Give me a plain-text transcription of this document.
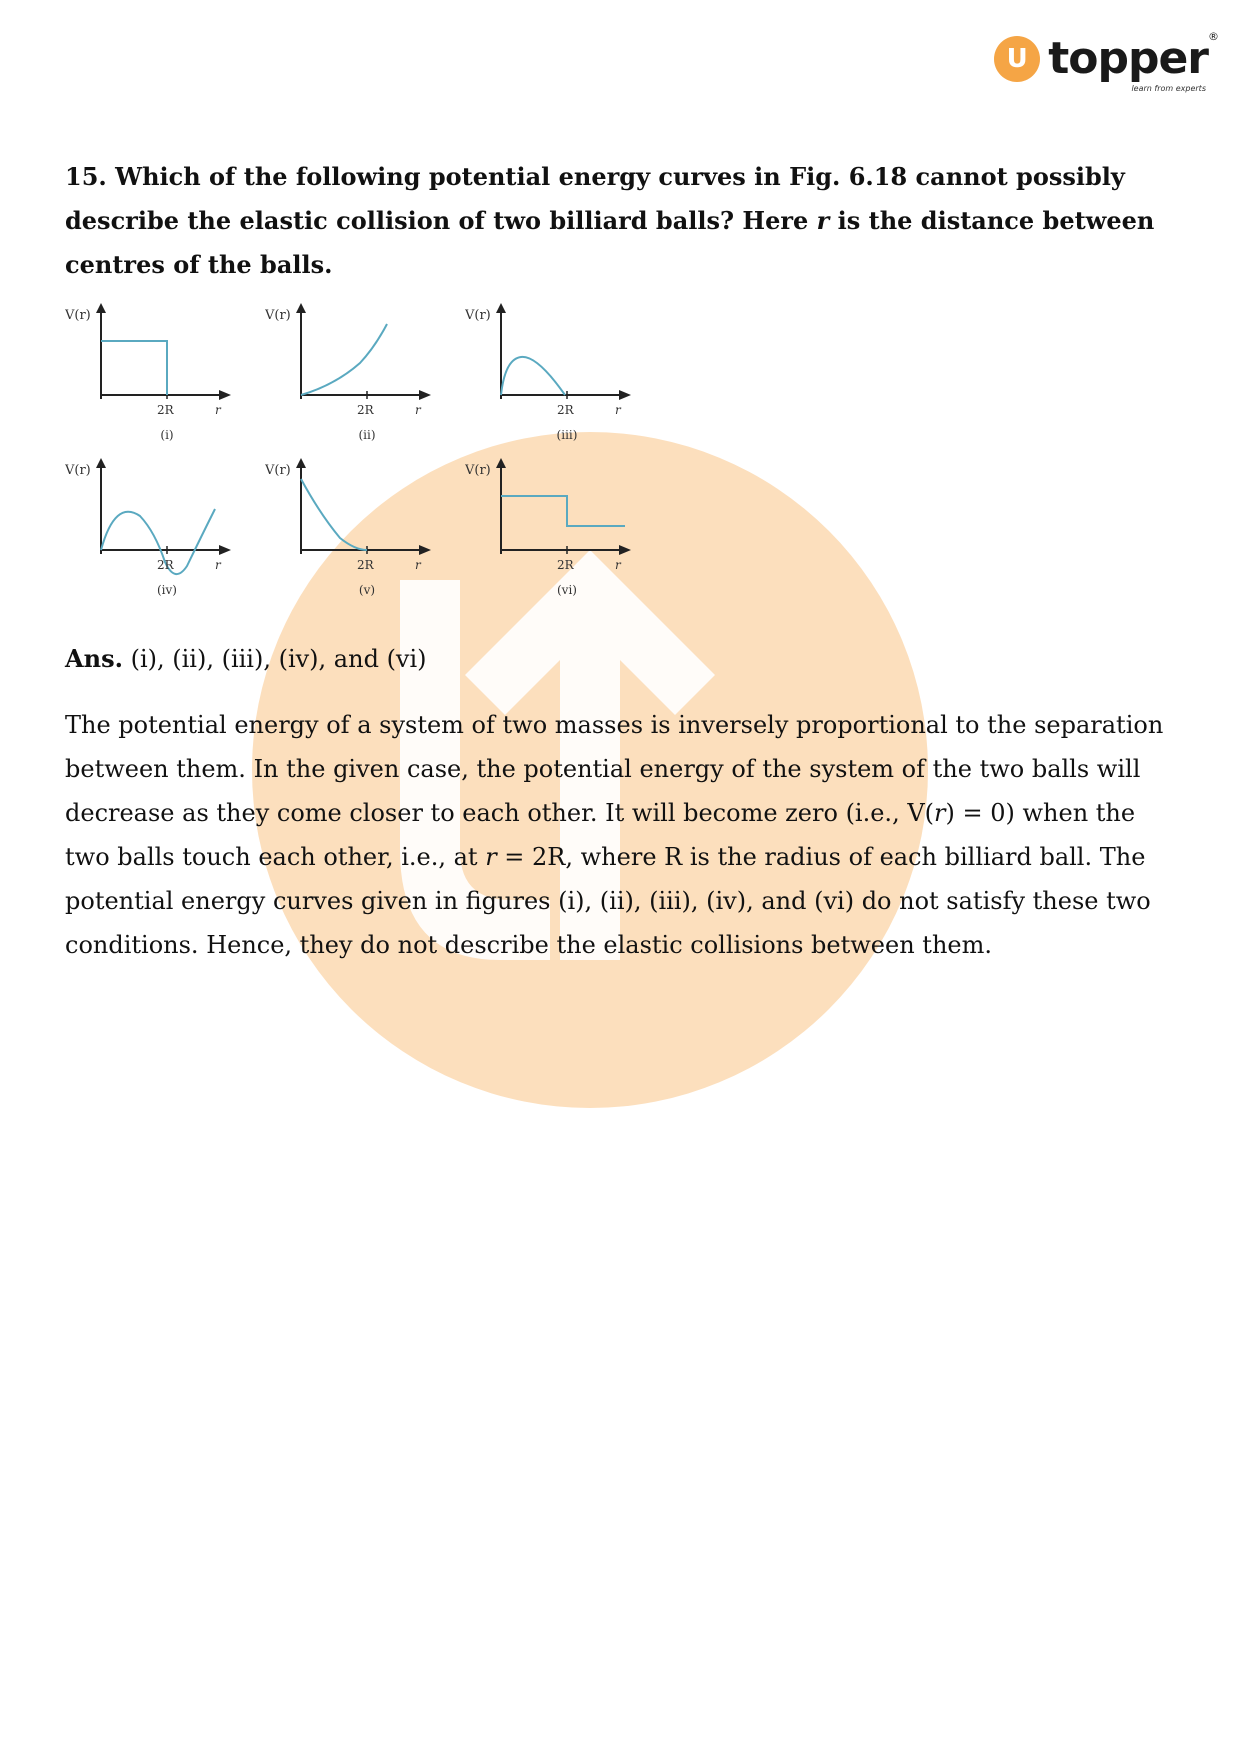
U topper ®
learn from experts

15. Which of the following potential energy curves in Fig. 6.18 cannot possibly describe the elastic collision of two billiard balls? Here r is the distance between centres of the balls.

V(r)
2R	r
(i)
V(r)
2R	r
(ii)
V(r)
2R	r
(iii)
V(r)
2R	r
(iv)
V(r)
2R	r
(v)
V(r)
2R	r
(vi)

Ans. (i), (ii), (iii), (iv), and (vi)

The potential energy of a system of two masses is inversely proportional to the separation between them. In the given case, the potential energy of the system of the two balls will decrease as they come closer to each other. It will become zero (i.e., V(r) = 0) when the two balls touch each other, i.e., at r = 2R, where R is the radius of each billiard ball. The potential energy curves given in figures (i), (ii), (iii), (iv), and (vi) do not satisfy these two conditions. Hence, they do not describe the elastic collisions between them.
